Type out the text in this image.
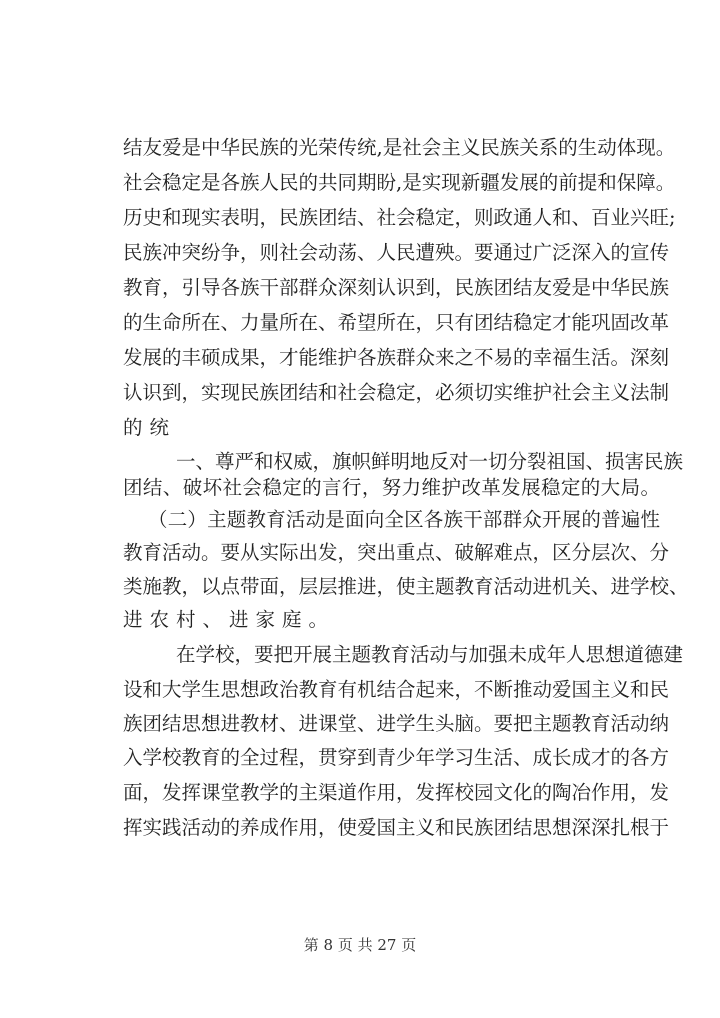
结友爱是中华民族的光荣传统,是社会主义民族关系的生动体现。
社会稳定是各族人民的共同期盼,是实现新疆发展的前提和保障。
历史和现实表明，民族团结、社会稳定，则政通人和、百业兴旺;
民族冲突纷争，则社会动荡、人民遭殃。要通过广泛深入的宣传
教育，引导各族干部群众深刻认识到，民族团结友爱是中华民族
的生命所在、力量所在、希望所在，只有团结稳定才能巩固改革
发展的丰硕成果，才能维护各族群众来之不易的幸福生活。深刻
认识到，实现民族团结和社会稳定，必须切实维护社会主义法制
的统
一、尊严和权威，旗帜鲜明地反对一切分裂祖国、损害民族
团结、破坏社会稳定的言行，努力维护改革发展稳定的大局。
（二）主题教育活动是面向全区各族干部群众开展的普遍性
教育活动。要从实际出发，突出重点、破解难点，区分层次、分
类施教，以点带面，层层推进，使主题教育活动进机关、进学校、
进农村、进家庭。
在学校，要把开展主题教育活动与加强未成年人思想道德建
设和大学生思想政治教育有机结合起来，不断推动爱国主义和民
族团结思想进教材、进课堂、进学生头脑。要把主题教育活动纳
入学校教育的全过程，贯穿到青少年学习生活、成长成才的各方
面，发挥课堂教学的主渠道作用，发挥校园文化的陶冶作用，发
挥实践活动的养成作用，使爱国主义和民族团结思想深深扎根于
第 8 页 共 27 页
